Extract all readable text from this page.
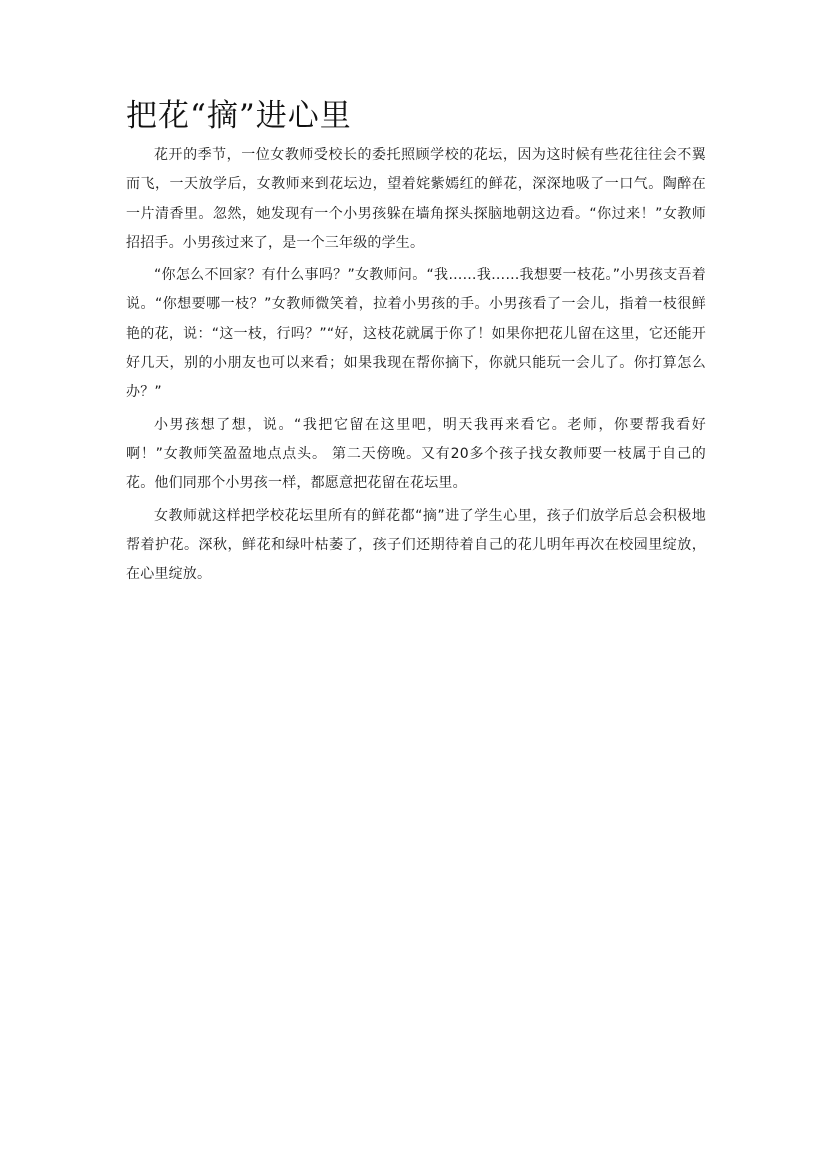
把花“摘”进心里

花开的季节，一位女教师受校长的委托照顾学校的花坛，因为这时候有些花往往会不翼而飞，一天放学后，女教师来到花坛边，望着姹紫嫣红的鲜花，深深地吸了一口气。陶醉在一片清香里。忽然，她发现有一个小男孩躲在墙角探头探脑地朝这边看。“你过来！”女教师招招手。小男孩过来了，是一个三年级的学生。

“你怎么不回家？有什么事吗？”女教师问。“我……我……我想要一枝花。”小男孩支吾着说。“你想要哪一枝？”女教师微笑着，拉着小男孩的手。小男孩看了一会儿，指着一枝很鲜艳的花，说：“这一枝，行吗？”“好，这枝花就属于你了！如果你把花儿留在这里，它还能开好几天，别的小朋友也可以来看；如果我现在帮你摘下，你就只能玩一会儿了。你打算怎么办？”

小男孩想了想，说。“我把它留在这里吧，明天我再来看它。老师，你要帮我看好啊！”女教师笑盈盈地点点头。 第二天傍晚。又有20多个孩子找女教师要一枝属于自己的花。他们同那个小男孩一样，都愿意把花留在花坛里。

女教师就这样把学校花坛里所有的鲜花都“摘”进了学生心里，孩子们放学后总会积极地帮着护花。深秋，鲜花和绿叶枯萎了，孩子们还期待着自己的花儿明年再次在校园里绽放，在心里绽放。
